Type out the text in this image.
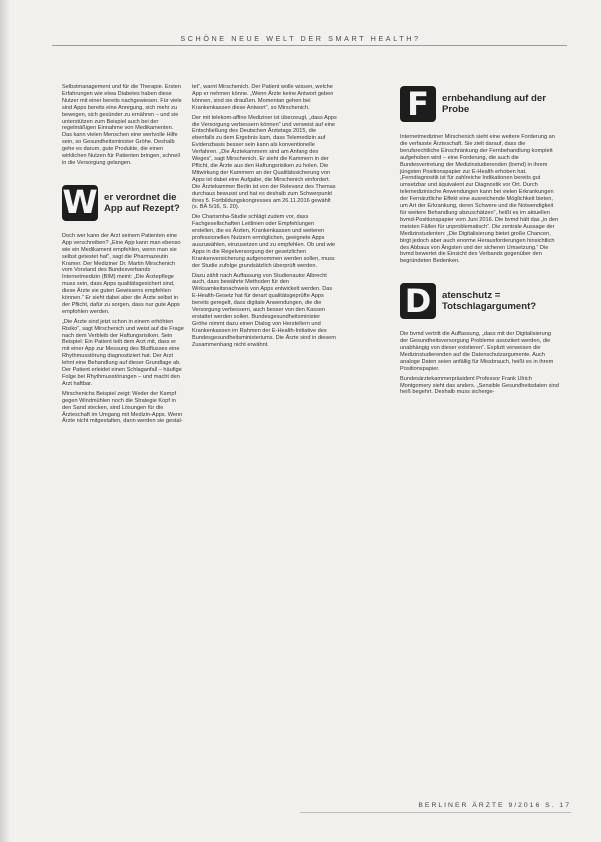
SCHÖNE NEUE WELT DER SMART HEALTH?

Selbstmanagement und für die Therapie. Ersten Erfahrungen wie etwa Diabetes haben diese Nutzer mit einer bereits nachgewiesen. Für viele sind Apps bereits eine Anregung, sich mehr zu bewegen, sich gesünder zu ernähren – und sie unterstützen zum Beispiel auch bei der regelmäßigen Einnahme von Medikamenten. Das kann vielen Menschen eine wertvolle Hilfe sein, so Gesundheitsminister Gröhe. Deshalb gehe es darum, gute Produkte, die einen wirklichen Nutzen für Patienten bringen, schnell in die Versorgung gelangen.

W er verordnet die App auf Rezept?

Doch wer kann der Arzt seinem Patienten eine App verschreiben? „Eine App kann man ebenso wie ein Medikament empfehlen, wenn man sie selbst getestet hat“, sagt die Pharmazeutin Kramer. Der Mediziner Dr. Martin Mirschenich vom Vorstand des Bundesverbands Internetmedizin (BIM) meint: „Die Ärztepflege muss sein, dass Apps qualitätsgesichert sind, diese Ärzte sie guten Gewissens empfehlen können.“ Er sieht dabei aber die Ärzte selbst in der Pflicht, dafür zu sorgen, dass nur gute Apps empfohlen werden.

„Die Ärzte sind jetzt schon in einem erhöhten Risiko“, sagt Mirschenich und weist auf die Frage nach dem Verbleib der Haftungsrisiken. Sein Beispiel: Ein Patient teilt dem Arzt mit, dass er mit einer App zur Messung des Blutflusses eine Rhythmusstörung diagnostiziert hat. Der Arzt lehnt eine Behandlung auf dieser Grundlage ab. Der Patient erleidet einen Schlaganfall – häufige Folge bei Rhythmusstörungen – und macht den Arzt haftbar.

Mirschenichs Beispiel zeigt: Weder der Kampf gegen Windmühlen noch die Strategie Kopf in den Sand stecken, sind Lösungen für die Ärzteschaft im Umgang mit Medizin-Apps. Wenn Ärzte nicht mitgestalten, dann werden sie gestal-

tet“, warnt Mirschenich. Der Patient wolle wissen, welche App er nehmen könne. „Wenn Ärzte keine Antwort geben können, sind sie draußen. Momentan gehen bei Krankenkassen diese Antwort“, so Mirschenich.

Der mit telekom-affine Mediziner ist überzeugt, „dass Apps die Versorgung verbessern können“ und verweist auf eine Entschließung des Deutschen Ärztetags 2015, die ebenfalls zu dem Ergebnis kam, dass Telemedizin auf Evidenzbasis besser sein kann als konventionelle Verfahren. „Die Ärztekammern sind am Anfang des Weges“, sagt Mirschenich. Er sieht die Kammern in der Pflicht, die Ärzte aus den Haftungsrisiken zu holen. Die Mitwirkung der Kammern an der Qualitätssicherung von Apps ist dabei eine Aufgabe, die Mirschenich einfordert. Die Ärztekammer Berlin ist von der Relevanz des Themas durchaus bewusst und hat es deshalb zum Schwerpunkt ihres 5. Fortbildungskongresses am 26.11.2016 gewählt (s. BÄ 5/16, S. 20).

Die Charismha-Studie schlägt zudem vor, dass Fachgesellschaften Leitlinien oder Empfehlungen erstellen, die es Ärzten, Krankenkassen und weiteren professionellen Nutzern ermöglichen, geeignete Apps auszuwählen, einzusetzen und zu empfehlen. Ob und wie Apps in die Regelversorgung der gesetzlichen Krankenversicherung aufgenommen werden sollen, muss der Studie zufolge grundsätzlich überprüft werden.

Dazu zählt nach Auffassung von Studienautor Albrecht auch, dass bewährte Methoden für den Wirksamkeitsnachweis von Apps entwickelt werden. Das E-Health-Gesetz hat für derart qualitätsgeprüfte Apps bereits geregelt, dass digitale Anwendungen, die die Versorgung verbessern, auch besser von den Kassen erstattet werden sollen. Bundesgesundheitsminister Gröhe nimmt dazu einen Dialog von Herstellern und Krankenkassen im Rahmen der E-Health-Initiative des Bundesgesundheitsministeriums. Die Ärzte sind in diesem Zusammenhang nicht erwähnt.

F	ernbehandlung auf der Probe

Internetmediziner Mirschenich sieht eine weitere Forderung an die verfasste Ärzteschaft. Sie zielt darauf, dass die berufsrechtliche Einschränkung der Fernbehandlung komplett aufgehoben wird – eine Forderung, die auch die Bundesvertretung der Medizinstudierenden (bvmd) in ihrem jüngsten Positionspapier zur E-Health erhoben hat. „Ferndiagnostik ist für zahlreiche Indikationen bereits gut umsetzbar und äquivalent zur Diagnostik vor Ort. Durch telemedizinische Anwendungen kann bei vielen Erkrankungen der Fernärztliche Effekt eine ausreichende Möglichkeit bieten, um Art der Erkrankung, deren Schwere und die Notwendigkeit für weitere Behandlung abzuschätzen“, heißt es im aktuellen bvmd-Positionspapier vom Juni 2016. Die bvmd hält das „in den meisten Fällen für unproblematisch“. Die zentrale Aussage der Medizinstudenten: „Die Digitalisierung bietet große Chancen, birgt jedoch aber auch enorme Herausforderungen hinsichtlich des Abbaus von Ängsten und der sicheren Umsetzung.“ Die bvmd bewertet die Einsicht des Verbands gegenüber den begründeten Bedenken.

D	atenschutz = Totschlagargument?

Die bvmd vertritt die Auffassung, „dass mit der Digitalisierung der Gesundheitsversorgung Probleme assoziiert werden, die unabhängig von dieser existieren“. Explizit verweisen die Medizinstudierenden auf die Datenschutzargumente. Auch analoge Daten seien anfällig für Missbrauch, heißt es in ihrem Positionspapier.

Bundesärztekammerpräsident Professor Frank Ulrich Montgomery sieht das anders. „Sensible Gesundheitsdaten sind heiß begehrt. Deshalb muss sicherge-

BERLINER ÄRZTE 9/2016 S. 17
